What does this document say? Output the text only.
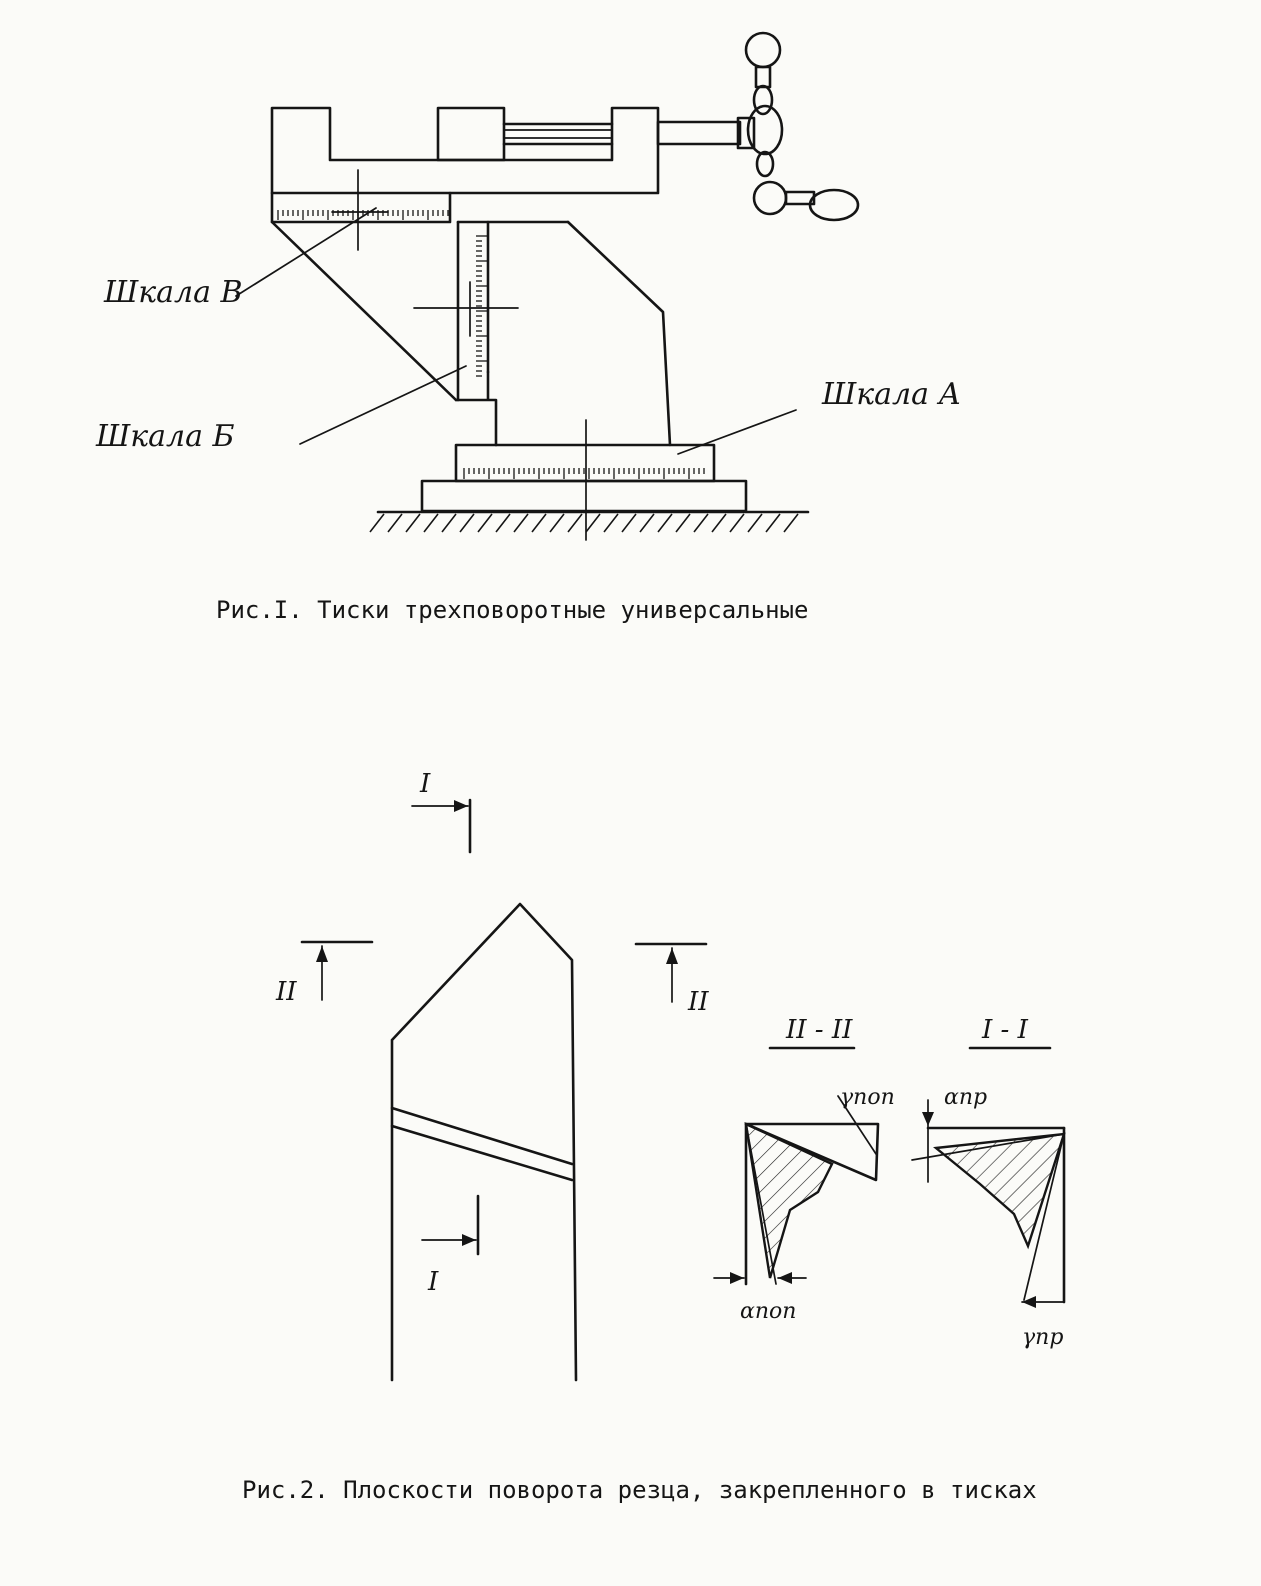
Шкала В
Шкала Б
Шкала А
Рис.I. Тиски трехповоротные универсальные
I
I
II	II
II - II
γпоп
αпоп
I - I
αпр
γпр
Рис.2. Плоскости поворота резца, закрепленного в тисках
